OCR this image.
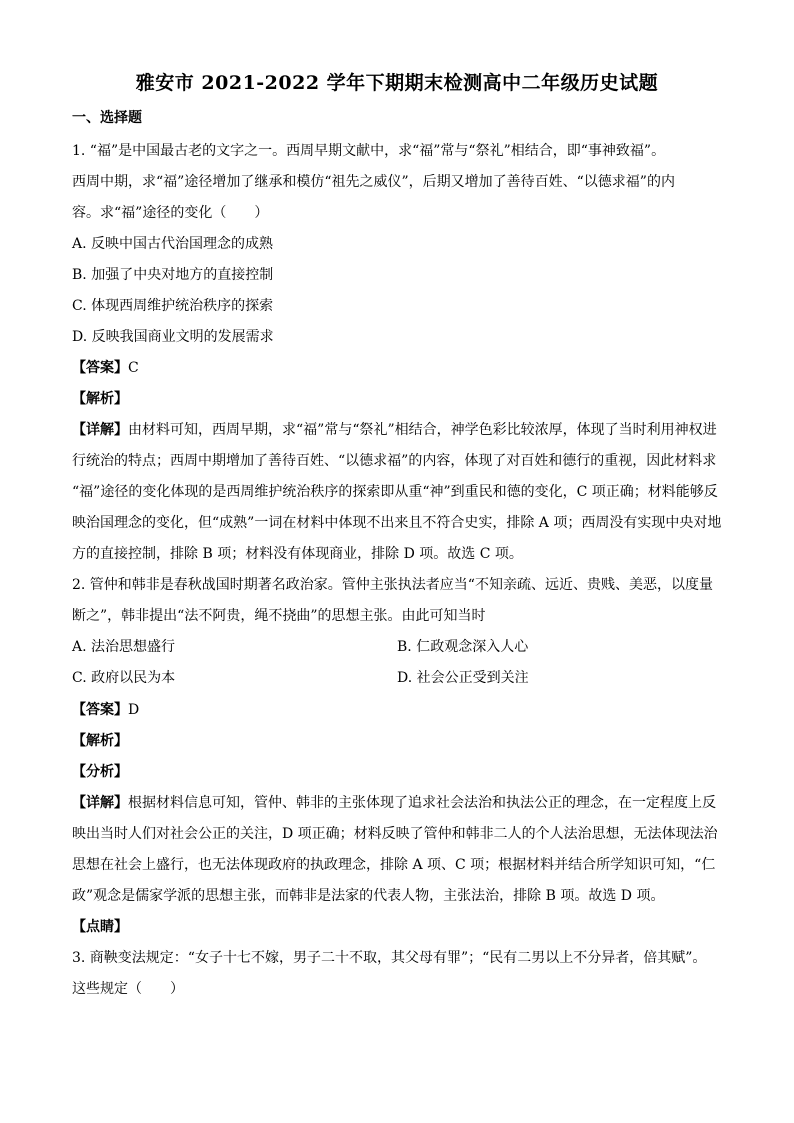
雅安市 2021-2022 学年下期期末检测高中二年级历史试题
一、选择题
1. “福”是中国最古老的文字之一。西周早期文献中，求“福”常与“祭礼”相结合，即“事神致福”。
西周中期，求“福”途径增加了继承和模仿“祖先之威仪”，后期又增加了善待百姓、“以德求福”的内
容。求“福”途径的变化（　　）
A. 反映中国古代治国理念的成熟
B. 加强了中央对地方的直接控制
C. 体现西周维护统治秩序的探索
D. 反映我国商业文明的发展需求
【答案】C
【解析】
【详解】由材料可知，西周早期，求“福”常与“祭礼”相结合，神学色彩比较浓厚，体现了当时利用神权进
行统治的特点；西周中期增加了善待百姓、“以德求福”的内容，体现了对百姓和德行的重视，因此材料求
“福”途径的变化体现的是西周维护统治秩序的探索即从重“神”到重民和德的变化，C 项正确；材料能够反
映治国理念的变化，但“成熟”一词在材料中体现不出来且不符合史实，排除 A 项；西周没有实现中央对地
方的直接控制，排除 B 项；材料没有体现商业，排除 D 项。故选 C 项。
2. 管仲和韩非是春秋战国时期著名政治家。管仲主张执法者应当“不知亲疏、远近、贵贱、美恶，以度量
断之”，韩非提出“法不阿贵，绳不挠曲”的思想主张。由此可知当时
A. 法治思想盛行	B. 仁政观念深入人心
C. 政府以民为本	D. 社会公正受到关注
【答案】D
【解析】
【分析】
【详解】根据材料信息可知，管仲、韩非的主张体现了追求社会法治和执法公正的理念，在一定程度上反
映出当时人们对社会公正的关注，D 项正确；材料反映了管仲和韩非二人的个人法治思想，无法体现法治
思想在社会上盛行，也无法体现政府的执政理念，排除 A 项、C 项；根据材料并结合所学知识可知，“仁
政”观念是儒家学派的思想主张，而韩非是法家的代表人物，主张法治，排除 B 项。故选 D 项。
【点睛】
3. 商鞅变法规定：“女子十七不嫁，男子二十不取，其父母有罪”；“民有二男以上不分异者，倍其赋”。
这些规定（　　）
